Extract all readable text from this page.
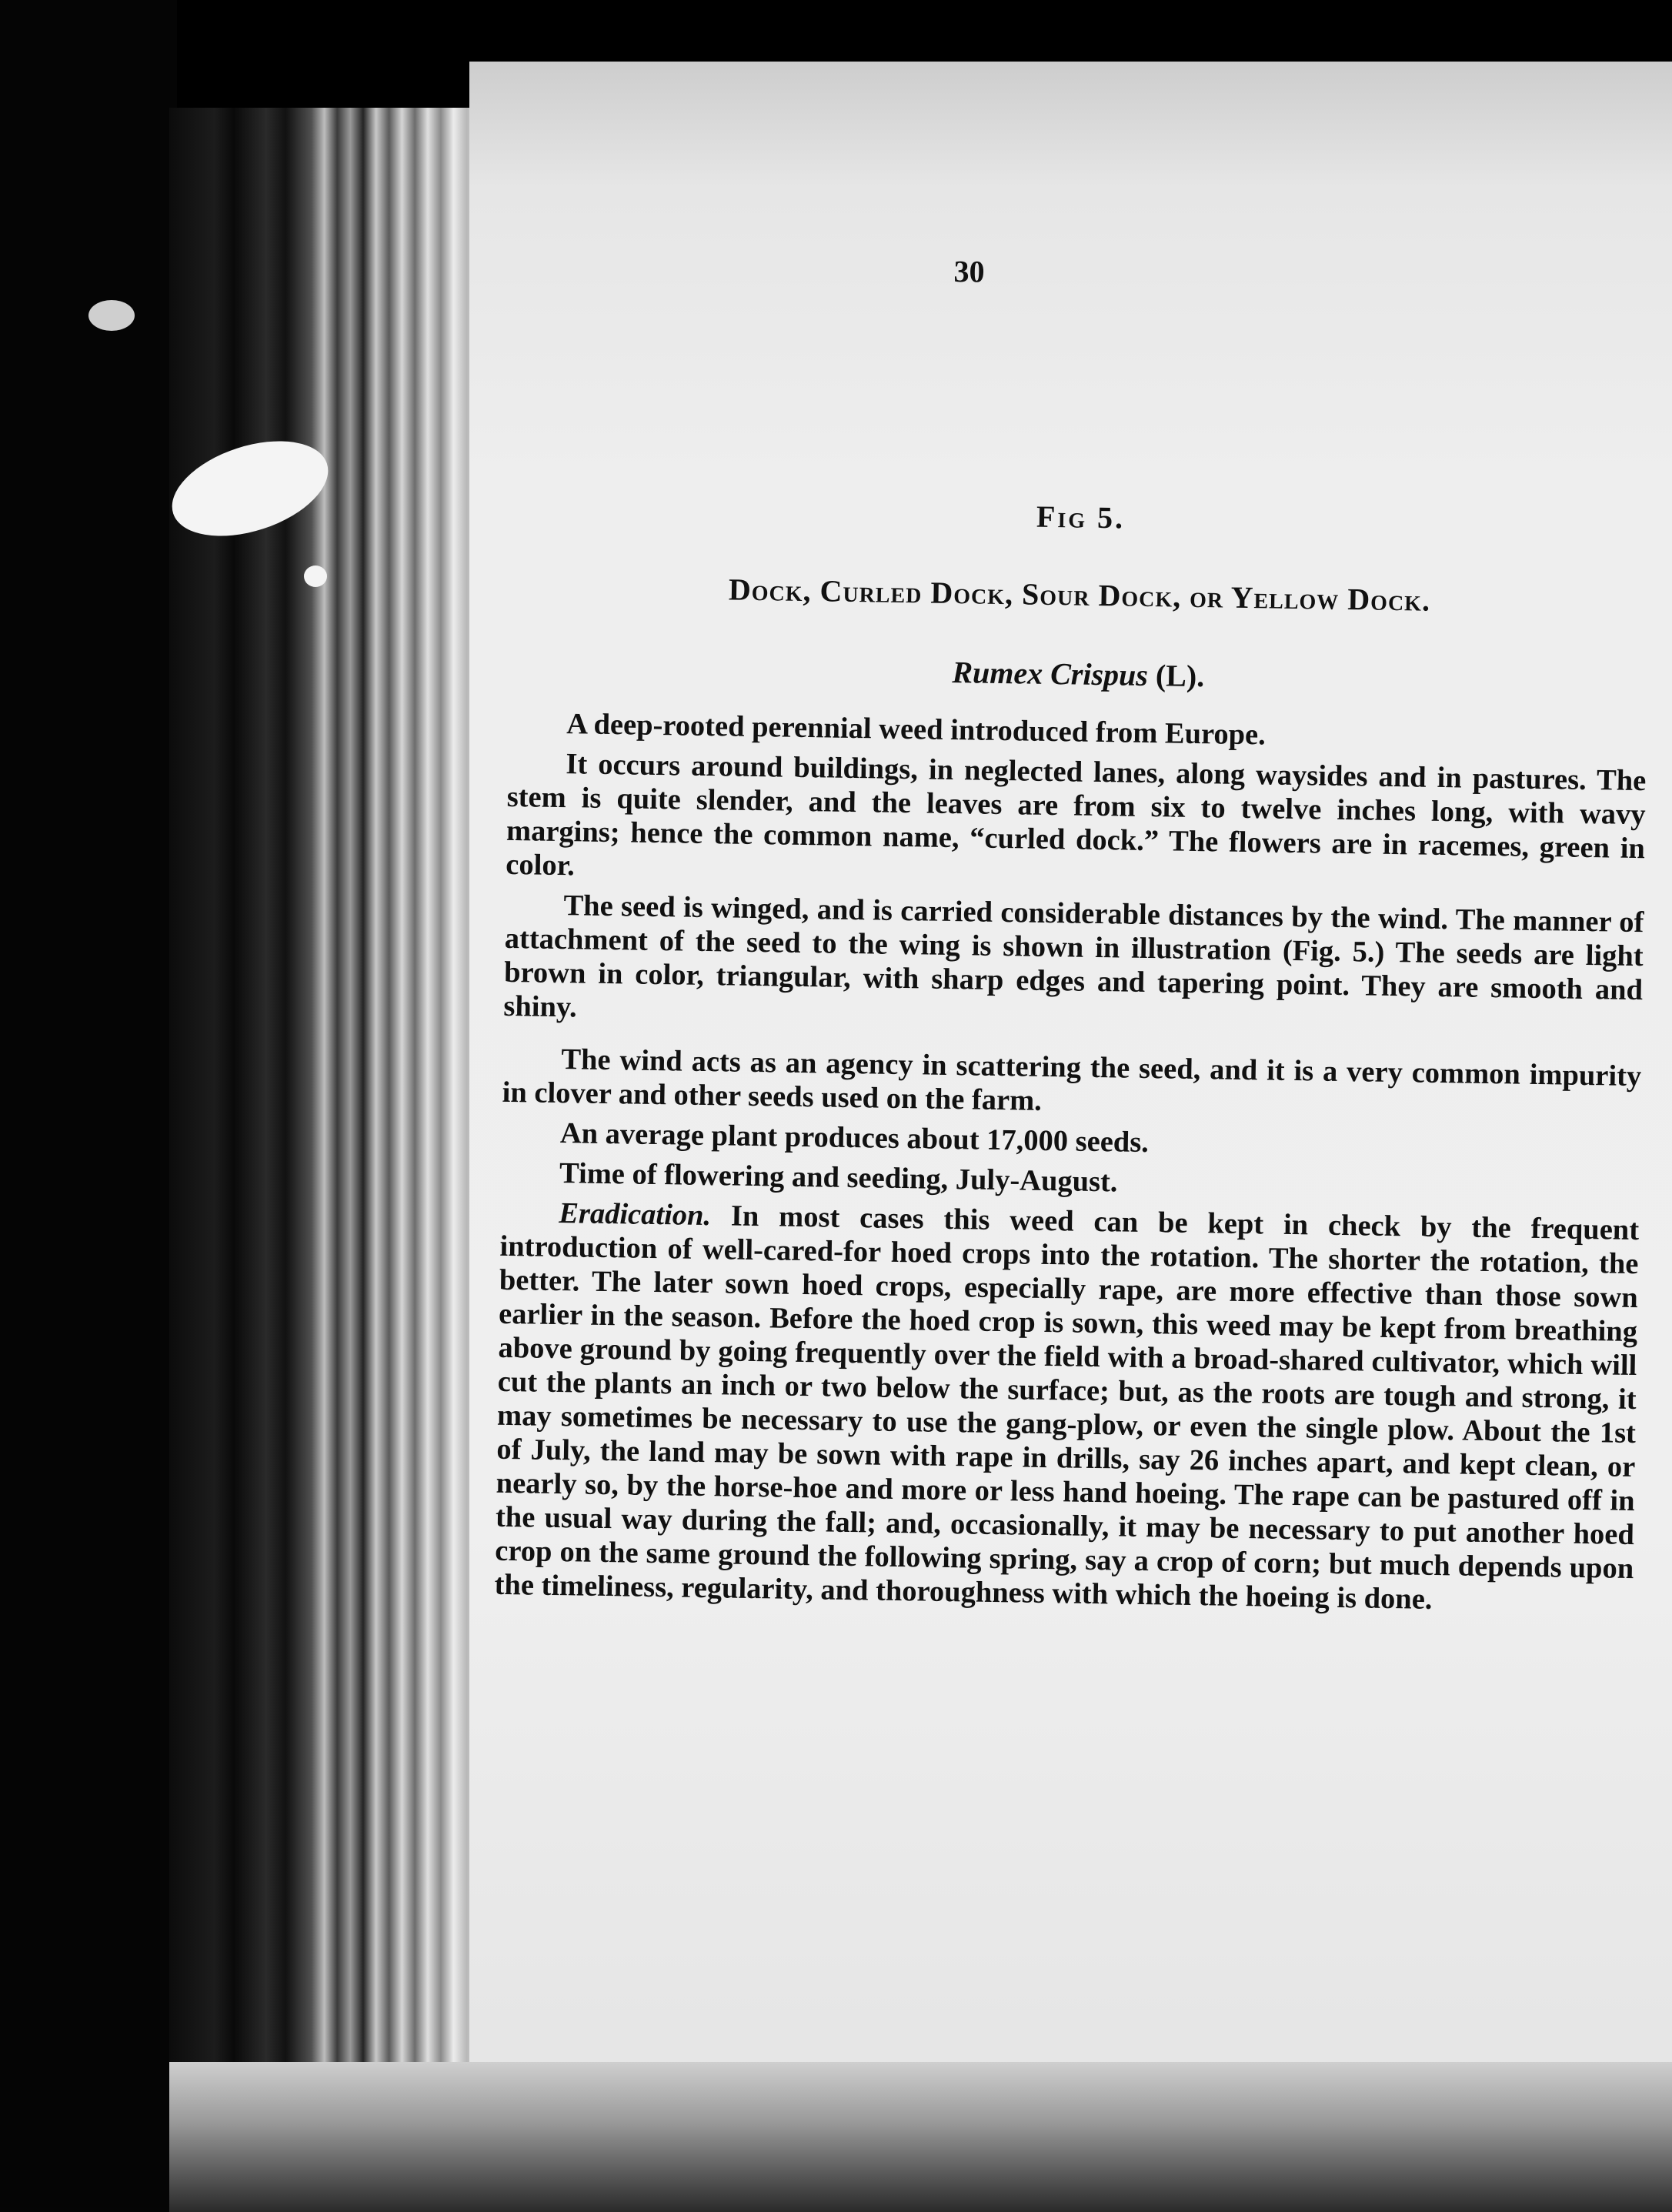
30
Fig 5.
Dock, Curled Dock, Sour Dock, or Yellow Dock.
Rumex Crispus (L).

A deep-rooted perennial weed introduced from Europe.

It occurs around buildings, in neglected lanes, along waysides and in pastures. The stem is quite slender, and the leaves are from six to twelve inches long, with wavy margins; hence the common name, “curled dock.” The flowers are in racemes, green in color.

The seed is winged, and is carried considerable distances by the wind. The manner of attachment of the seed to the wing is shown in illustration (Fig. 5.) The seeds are light brown in color, triangular, with sharp edges and tapering point. They are smooth and shiny.

The wind acts as an agency in scattering the seed, and it is a very common impurity in clover and other seeds used on the farm.

An average plant produces about 17,000 seeds.

Time of flowering and seeding, July-August.

Eradication. In most cases this weed can be kept in check by the frequent introduction of well-cared-for hoed crops into the rotation. The shorter the rotation, the better. The later sown hoed crops, especially rape, are more effective than those sown earlier in the season. Before the hoed crop is sown, this weed may be kept from breathing above ground by going frequently over the field with a broad-shared cultivator, which will cut the plants an inch or two below the surface; but, as the roots are tough and strong, it may sometimes be necessary to use the gang-plow, or even the single plow. About the 1st of July, the land may be sown with rape in drills, say 26 inches apart, and kept clean, or nearly so, by the horse-hoe and more or less hand hoeing. The rape can be pastured off in the usual way during the fall; and, occasionally, it may be necessary to put another hoed crop on the same ground the following spring, say a crop of corn; but much depends upon the timeliness, regularity, and thoroughness with which the hoeing is done.
